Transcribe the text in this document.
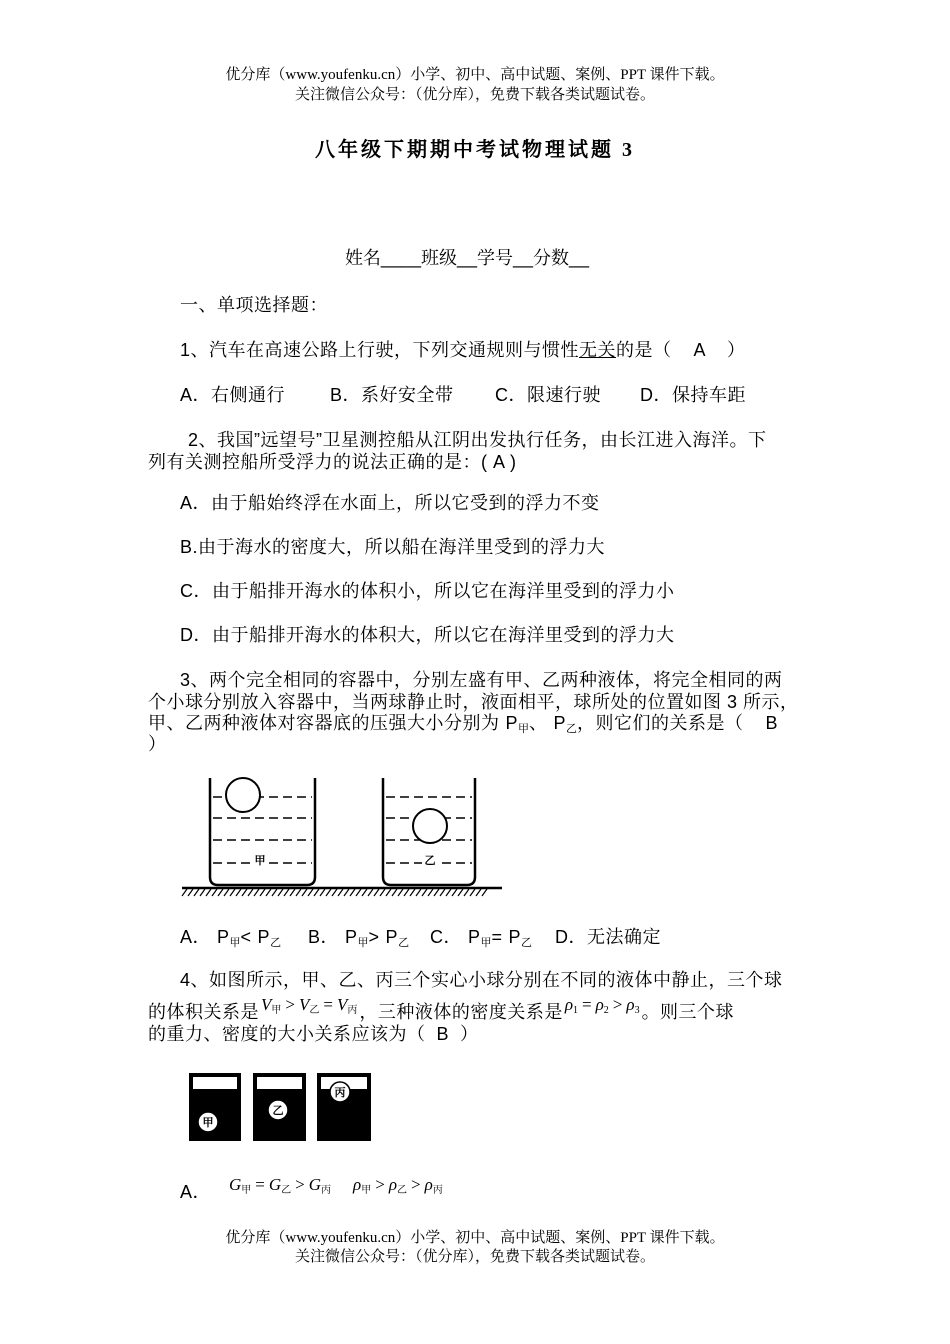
优分库（www.youfenku.cn）小学、初中、高中试题、案例、PPT 课件下载。
关注微信公众号：（优分库），免费下载各类试题试卷。
八年级下期期中考试物理试题 3
姓名____班级__学号__分数__
一、单项选择题：
1、汽车在高速公路上行驶，下列交通规则与惯性无关的是（    A    ）
A．右侧通行 B．系好安全带 C．限速行驶 D．保持车距
2、我国”远望号”卫星测控船从江阴出发执行任务，由长江进入海洋。下
列有关测控船所受浮力的说法正确的是：( A )
A．由于船始终浮在水面上，所以它受到的浮力不变
B.由于海水的密度大，所以船在海洋里受到的浮力大
C．由于船排开海水的体积小，所以它在海洋里受到的浮力小
D．由于船排开海水的体积大，所以它在海洋里受到的浮力大
3、两个完全相同的容器中，分别左盛有甲、乙两种液体，将完全相同的两
个小球分别放入容器中，当两球静止时，液面相平，球所处的位置如图 3 所示，
甲、乙两种液体对容器底的压强大小分别为 P甲、 P乙，则它们的关系是（    B
）
甲	乙
A． P甲< P乙 B． P甲> P乙 C． P甲= P乙 D．无法确定
4、如图所示，甲、乙、丙三个实心小球分别在不同的液体中静止，三个球
的体积关系是 V甲 > V乙 = V丙 ，三种液体的密度关系是 ρ1 = ρ2 > ρ3 。则三个球
的重力、密度的大小关系应该为（  B  ）
甲
乙
丙
A． G甲 = G乙 > G丙 ρ甲 > ρ乙 > ρ丙
优分库（www.youfenku.cn）小学、初中、高中试题、案例、PPT 课件下载。
关注微信公众号：（优分库），免费下载各类试题试卷。
